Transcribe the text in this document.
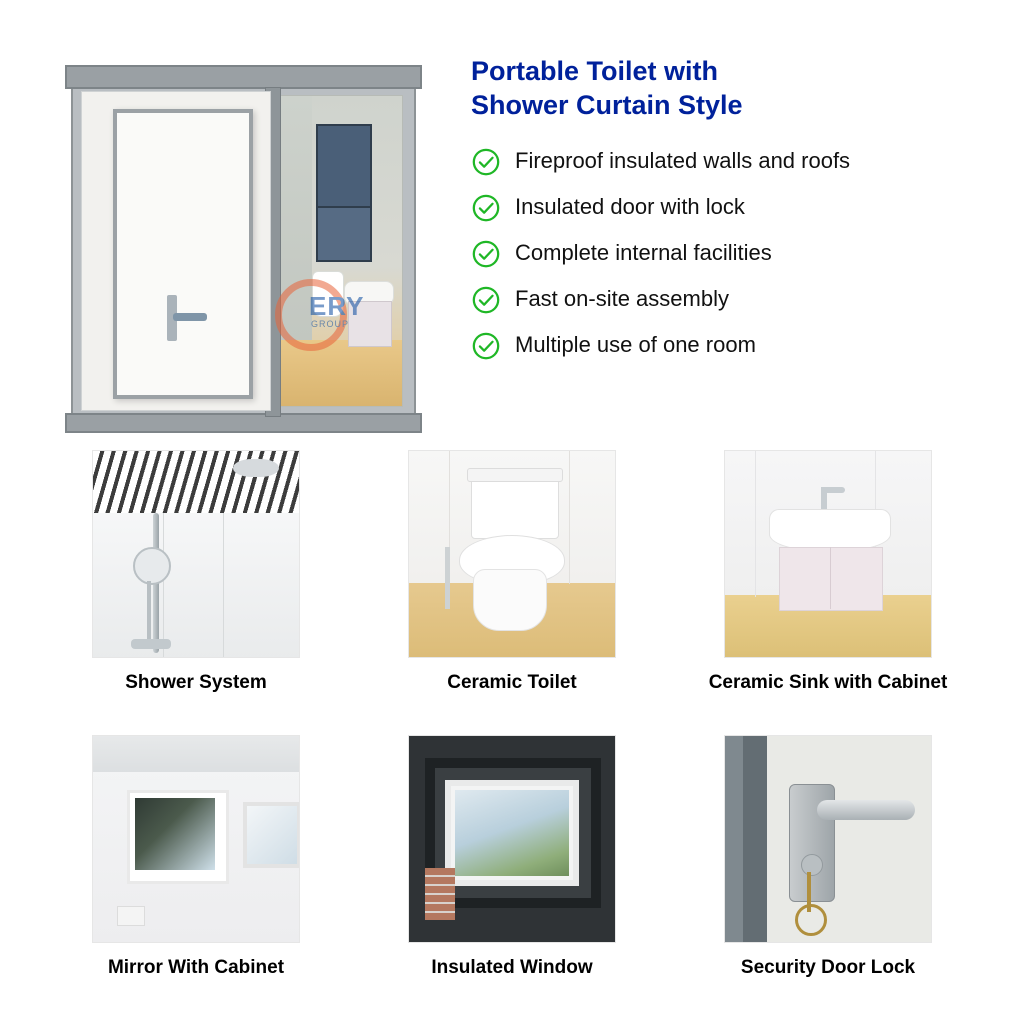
ERY
GROUP
Portable Toilet with
Shower Curtain Style
Fireproof insulated walls and roofs
Insulated door with lock
Complete internal facilities
Fast on-site assembly
Multiple use of one room
Shower System	Ceramic Toilet	Ceramic Sink with Cabinet
Mirror With Cabinet	Insulated Window	Security Door Lock
